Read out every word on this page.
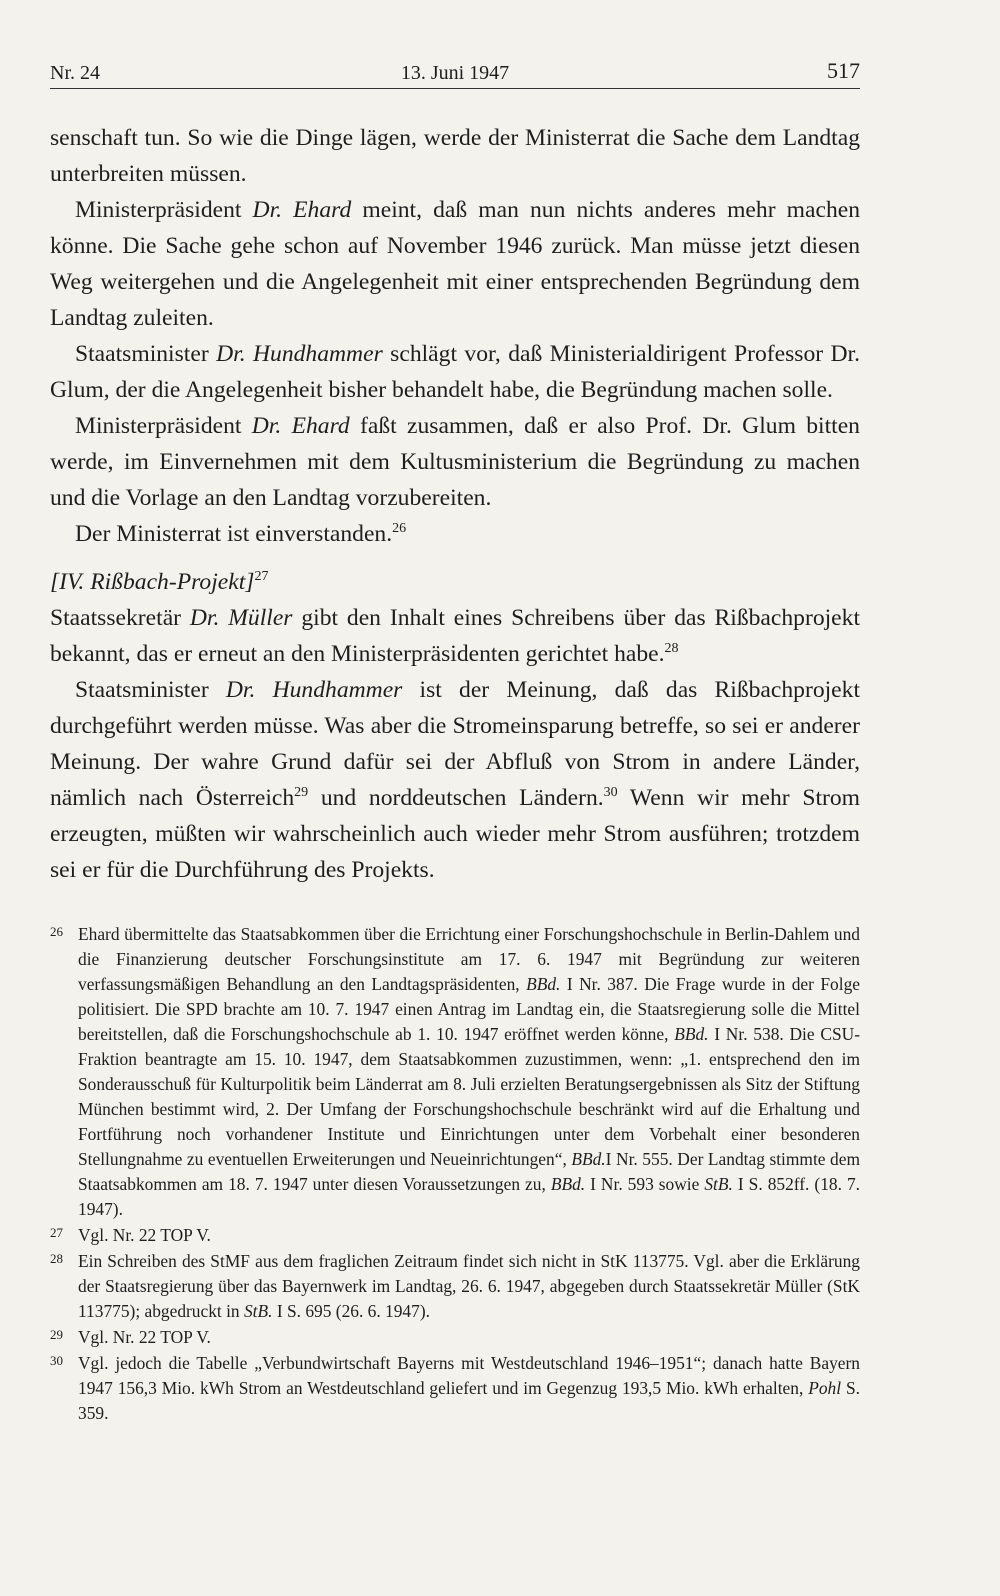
Nr. 24	13. Juni 1947	517

senschaft tun. So wie die Dinge lägen, werde der Ministerrat die Sache dem Landtag unterbreiten müssen.

Ministerpräsident Dr. Ehard meint, daß man nun nichts anderes mehr machen könne. Die Sache gehe schon auf November 1946 zurück. Man müsse jetzt diesen Weg weitergehen und die Angelegenheit mit einer entsprechenden Begründung dem Landtag zuleiten.

Staatsminister Dr. Hundhammer schlägt vor, daß Ministerialdirigent Professor Dr. Glum, der die Angelegenheit bisher behandelt habe, die Begründung machen solle.

Ministerpräsident Dr. Ehard faßt zusammen, daß er also Prof. Dr. Glum bitten werde, im Einvernehmen mit dem Kultusministerium die Begründung zu machen und die Vorlage an den Landtag vorzubereiten.

Der Ministerrat ist einverstanden.$^{26}$

[IV. Rißbach-Projekt]$^{27}$

Staatssekretär Dr. Müller gibt den Inhalt eines Schreibens über das Rißbachprojekt bekannt, das er erneut an den Ministerpräsidenten gerichtet habe.$^{28}$

Staatsminister Dr. Hundhammer ist der Meinung, daß das Rißbachprojekt durchgeführt werden müsse. Was aber die Stromeinsparung betreffe, so sei er anderer Meinung. Der wahre Grund dafür sei der Abfluß von Strom in andere Länder, nämlich nach Österreich$^{29}$ und norddeutschen Ländern.$^{30}$ Wenn wir mehr Strom erzeugten, müßten wir wahrscheinlich auch wieder mehr Strom ausführen; trotzdem sei er für die Durchführung des Projekts.

26 Ehard übermittelte das Staatsabkommen über die Errichtung einer Forschungshochschule in Berlin-Dahlem und die Finanzierung deutscher Forschungsinstitute am 17. 6. 1947 mit Begründung zur weiteren verfassungsmäßigen Behandlung an den Landtagspräsidenten, BBd. I Nr. 387. Die Frage wurde in der Folge politisiert. Die SPD brachte am 10. 7. 1947 einen Antrag im Landtag ein, die Staatsregierung solle die Mittel bereitstellen, daß die Forschungshochschule ab 1. 10. 1947 eröffnet werden könne, BBd. I Nr. 538. Die CSU-Fraktion beantragte am 15. 10. 1947, dem Staatsabkommen zuzustimmen, wenn: „1. entsprechend den im Sonderausschuß für Kulturpolitik beim Länderrat am 8. Juli erzielten Beratungsergebnissen als Sitz der Stiftung München bestimmt wird, 2. Der Umfang der Forschungshochschule beschränkt wird auf die Erhaltung und Fortführung noch vorhandener Institute und Einrichtungen unter dem Vorbehalt einer besonderen Stellungnahme zu eventuellen Erweiterungen und Neueinrichtungen“, BBd.I Nr. 555. Der Landtag stimmte dem Staatsabkommen am 18. 7. 1947 unter diesen Voraussetzungen zu, BBd. I Nr. 593 sowie StB. I S. 852ff. (18. 7. 1947).
27 Vgl. Nr. 22 TOP V.
28 Ein Schreiben des StMF aus dem fraglichen Zeitraum findet sich nicht in StK 113775. Vgl. aber die Erklärung der Staatsregierung über das Bayernwerk im Landtag, 26. 6. 1947, abgegeben durch Staatssekretär Müller (StK 113775); abgedruckt in StB. I S. 695 (26. 6. 1947).
29 Vgl. Nr. 22 TOP V.
30 Vgl. jedoch die Tabelle „Verbundwirtschaft Bayerns mit Westdeutschland 1946–1951“; danach hatte Bayern 1947 156,3 Mio. kWh Strom an Westdeutschland geliefert und im Gegenzug 193,5 Mio. kWh erhalten, Pohl S. 359.
